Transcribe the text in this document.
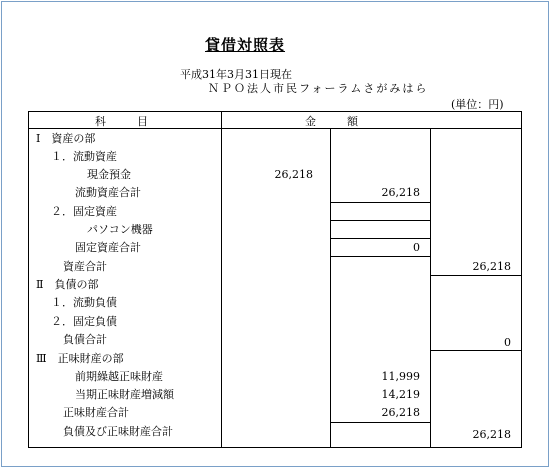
貸借対照表
平成31年3月31日現在
ＮＰＯ法人市民フォーラムさがみはら
(単位：円)
科　目	金　額
Ⅰ　資産の部
１．流動資産
現金預金
流動資産合計
２．固定資産
パソコン機器
固定資産合計
資産合計
Ⅱ　負債の部
１．流動負債
２．固定負債
負債合計
Ⅲ　正味財産の部
前期繰越正味財産
当期正味財産増減額
正味財産合計
負債及び正味財産合計
26,218
26,218
0
11,999
14,219
26,218
26,218
0
26,218
